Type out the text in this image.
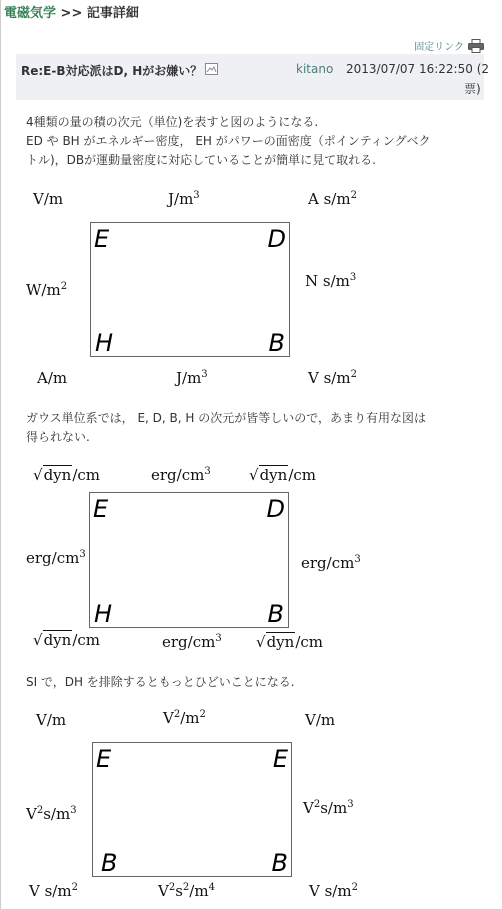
電磁気学 >> 記事詳細
固定リンク
Re:E-B対応派はD, Hがお嫌い？	kitano 2013/07/07 16:22:50 (2
票)
4種類の量の積の次元（単位)を表すと図のようになる.
ED や BH がエネルギー密度， EH がパワーの面密度（ポインティングベク
トル)，DBが運動量密度に対応していることが簡単に見て取れる.
V/m	$J/m^3$	A $s/m^2$
$W/m^2$	N $s/m^3$
A/m	$J/m^3$	V $s/m^2$
E	D
H	B
ガウス単位系では， E, D, B, H の次元が皆等しいので，あまり有用な図は
得られない.
√dyn/cm	erg/$cm^3$	√dyn/cm
erg/$cm^3$	erg/$cm^3$
√dyn/cm	erg/$cm^3$ √dyn/cm
E	D
H	B
SI で，DH を排除するともっとひどいことになる.
V/m	$V^2/m^2$	V/m
$V^2s/m^3$	$V^2s/m^3$
V $s/m^2$	$V^2s^2/m^4$	V $s/m^2$
E	E
B	B
